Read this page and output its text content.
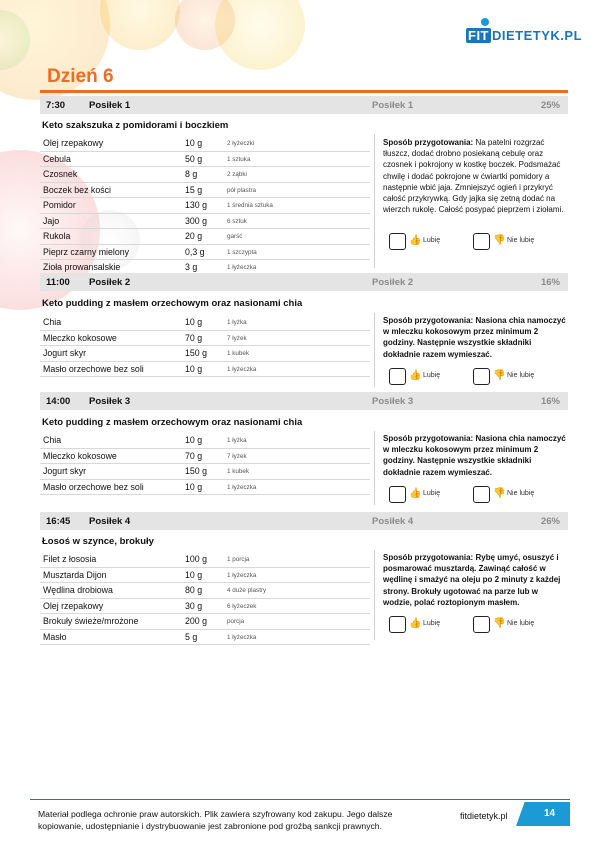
FIT DIETETYK.PL
Dzień 6
7:30	Posiłek 1	Posiłek 1	25%
Keto szakszuka z pomidorami i boczkiem
Olej rzepakowy	10 g	2 łyżeczki
Cebula	50 g	1 sztuka
Czosnek	8 g	2 ząbki
Boczek bez kości	15 g	pół plastra
Pomidor	130 g	1 średnia sztuka
Jajo	300 g	6 sztuk
Rukola	20 g	garść
Pieprz czarny mielony	0,3 g	1 szczypta
Zioła prowansalskie	3 g	1 łyżeczka
Sposób przygotowania: Na patelni rozgrzać tłuszcz, dodać drobno posiekaną cebulę oraz czosnek i pokrojony w kostkę boczek. Podsmażać chwilę i dodać pokrojone w ćwiartki pomidory a następnie wbić jaja. Zmniejszyć ogień i przykryć całość przykrywką. Gdy jajka się zetną dodać na wierzch rukolę. Całość posypać pieprzem i ziołami.
👍 Lubię	👎 Nie lubię
11:00 Posiłek 2	Posiłek 2	16%
Keto pudding z masłem orzechowym oraz nasionami chia
Chia	10 g	1 łyżka
Mleczko kokosowe	70 g	7 łyżek
Jogurt skyr	150 g	1 kubek
Masło orzechowe bez soli	10 g	1 łyżeczka
Sposób przygotowania: Nasiona chia namoczyć w mleczku kokosowym przez minimum 2 godziny. Następnie wszystkie składniki dokładnie razem wymieszać.
👍 Lubię	👎 Nie lubię
14:00 Posiłek 3	Posiłek 3	16%
Keto pudding z masłem orzechowym oraz nasionami chia
Chia	10 g	1 łyżka
Mleczko kokosowe	70 g	7 łyżek
Jogurt skyr	150 g	1 kubek
Masło orzechowe bez soli	10 g	1 łyżeczka
Sposób przygotowania: Nasiona chia namoczyć w mleczku kokosowym przez minimum 2 godziny. Następnie wszystkie składniki dokładnie razem wymieszać.
👍 Lubię	👎 Nie lubię
16:45 Posiłek 4	Posiłek 4	26%
Łosoś w szynce, brokuły
Filet z łososia	100 g	1 porcja
Musztarda Dijon	10 g	1 łyżeczka
Wędlina drobiowa	80 g	4 duże plastry
Olej rzepakowy	30 g	6 łyżeczek
Brokuły świeże/mrożone	200 g	porcja
Masło	5 g	1 łyżeczka
Sposób przygotowania: Rybę umyć, osuszyć i posmarować musztardą. Zawinąć całość w wędlinę i smażyć na oleju po 2 minuty z każdej strony. Brokuły ugotować na parze lub w wodzie, polać roztopionym masłem.
👍 Lubię	👎 Nie lubię
Materiał podlega ochronie praw autorskich. Plik zawiera szyfrowany kod zakupu. Jego dalsze kopiowanie, udostępnianie i dystrybuowanie jest zabronione pod groźbą sankcji prawnych.
fitdietetyk.pl	14
